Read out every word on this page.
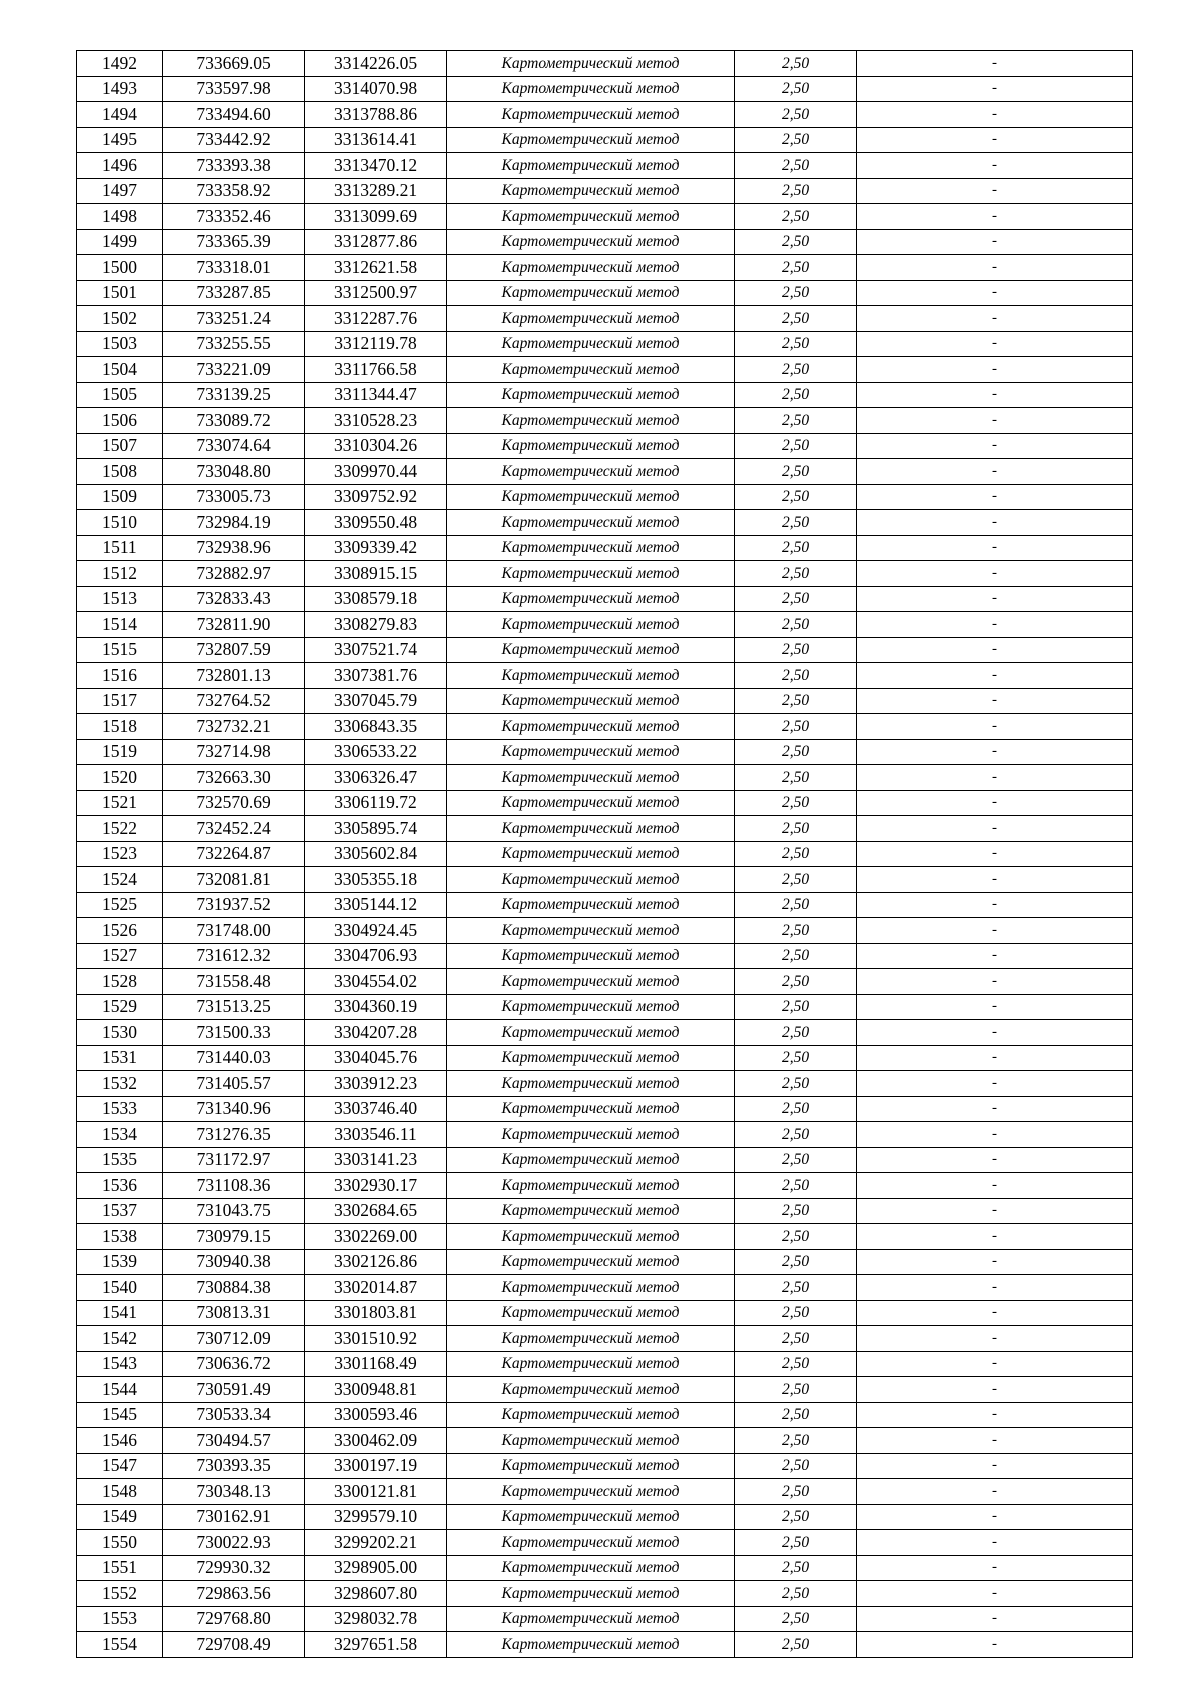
1492	733669.05	3314226.05	Картометрический метод	2,50	-
1493	733597.98	3314070.98	Картометрический метод	2,50	-
1494	733494.60	3313788.86	Картометрический метод	2,50	-
1495	733442.92	3313614.41	Картометрический метод	2,50	-
1496	733393.38	3313470.12	Картометрический метод	2,50	-
1497	733358.92	3313289.21	Картометрический метод	2,50	-
1498	733352.46	3313099.69	Картометрический метод	2,50	-
1499	733365.39	3312877.86	Картометрический метод	2,50	-
1500	733318.01	3312621.58	Картометрический метод	2,50	-
1501	733287.85	3312500.97	Картометрический метод	2,50	-
1502	733251.24	3312287.76	Картометрический метод	2,50	-
1503	733255.55	3312119.78	Картометрический метод	2,50	-
1504	733221.09	3311766.58	Картометрический метод	2,50	-
1505	733139.25	3311344.47	Картометрический метод	2,50	-
1506	733089.72	3310528.23	Картометрический метод	2,50	-
1507	733074.64	3310304.26	Картометрический метод	2,50	-
1508	733048.80	3309970.44	Картометрический метод	2,50	-
1509	733005.73	3309752.92	Картометрический метод	2,50	-
1510	732984.19	3309550.48	Картометрический метод	2,50	-
1511	732938.96	3309339.42	Картометрический метод	2,50	-
1512	732882.97	3308915.15	Картометрический метод	2,50	-
1513	732833.43	3308579.18	Картометрический метод	2,50	-
1514	732811.90	3308279.83	Картометрический метод	2,50	-
1515	732807.59	3307521.74	Картометрический метод	2,50	-
1516	732801.13	3307381.76	Картометрический метод	2,50	-
1517	732764.52	3307045.79	Картометрический метод	2,50	-
1518	732732.21	3306843.35	Картометрический метод	2,50	-
1519	732714.98	3306533.22	Картометрический метод	2,50	-
1520	732663.30	3306326.47	Картометрический метод	2,50	-
1521	732570.69	3306119.72	Картометрический метод	2,50	-
1522	732452.24	3305895.74	Картометрический метод	2,50	-
1523	732264.87	3305602.84	Картометрический метод	2,50	-
1524	732081.81	3305355.18	Картометрический метод	2,50	-
1525	731937.52	3305144.12	Картометрический метод	2,50	-
1526	731748.00	3304924.45	Картометрический метод	2,50	-
1527	731612.32	3304706.93	Картометрический метод	2,50	-
1528	731558.48	3304554.02	Картометрический метод	2,50	-
1529	731513.25	3304360.19	Картометрический метод	2,50	-
1530	731500.33	3304207.28	Картометрический метод	2,50	-
1531	731440.03	3304045.76	Картометрический метод	2,50	-
1532	731405.57	3303912.23	Картометрический метод	2,50	-
1533	731340.96	3303746.40	Картометрический метод	2,50	-
1534	731276.35	3303546.11	Картометрический метод	2,50	-
1535	731172.97	3303141.23	Картометрический метод	2,50	-
1536	731108.36	3302930.17	Картометрический метод	2,50	-
1537	731043.75	3302684.65	Картометрический метод	2,50	-
1538	730979.15	3302269.00	Картометрический метод	2,50	-
1539	730940.38	3302126.86	Картометрический метод	2,50	-
1540	730884.38	3302014.87	Картометрический метод	2,50	-
1541	730813.31	3301803.81	Картометрический метод	2,50	-
1542	730712.09	3301510.92	Картометрический метод	2,50	-
1543	730636.72	3301168.49	Картометрический метод	2,50	-
1544	730591.49	3300948.81	Картометрический метод	2,50	-
1545	730533.34	3300593.46	Картометрический метод	2,50	-
1546	730494.57	3300462.09	Картометрический метод	2,50	-
1547	730393.35	3300197.19	Картометрический метод	2,50	-
1548	730348.13	3300121.81	Картометрический метод	2,50	-
1549	730162.91	3299579.10	Картометрический метод	2,50	-
1550	730022.93	3299202.21	Картометрический метод	2,50	-
1551	729930.32	3298905.00	Картометрический метод	2,50	-
1552	729863.56	3298607.80	Картометрический метод	2,50	-
1553	729768.80	3298032.78	Картометрический метод	2,50	-
1554	729708.49	3297651.58	Картометрический метод	2,50	-
